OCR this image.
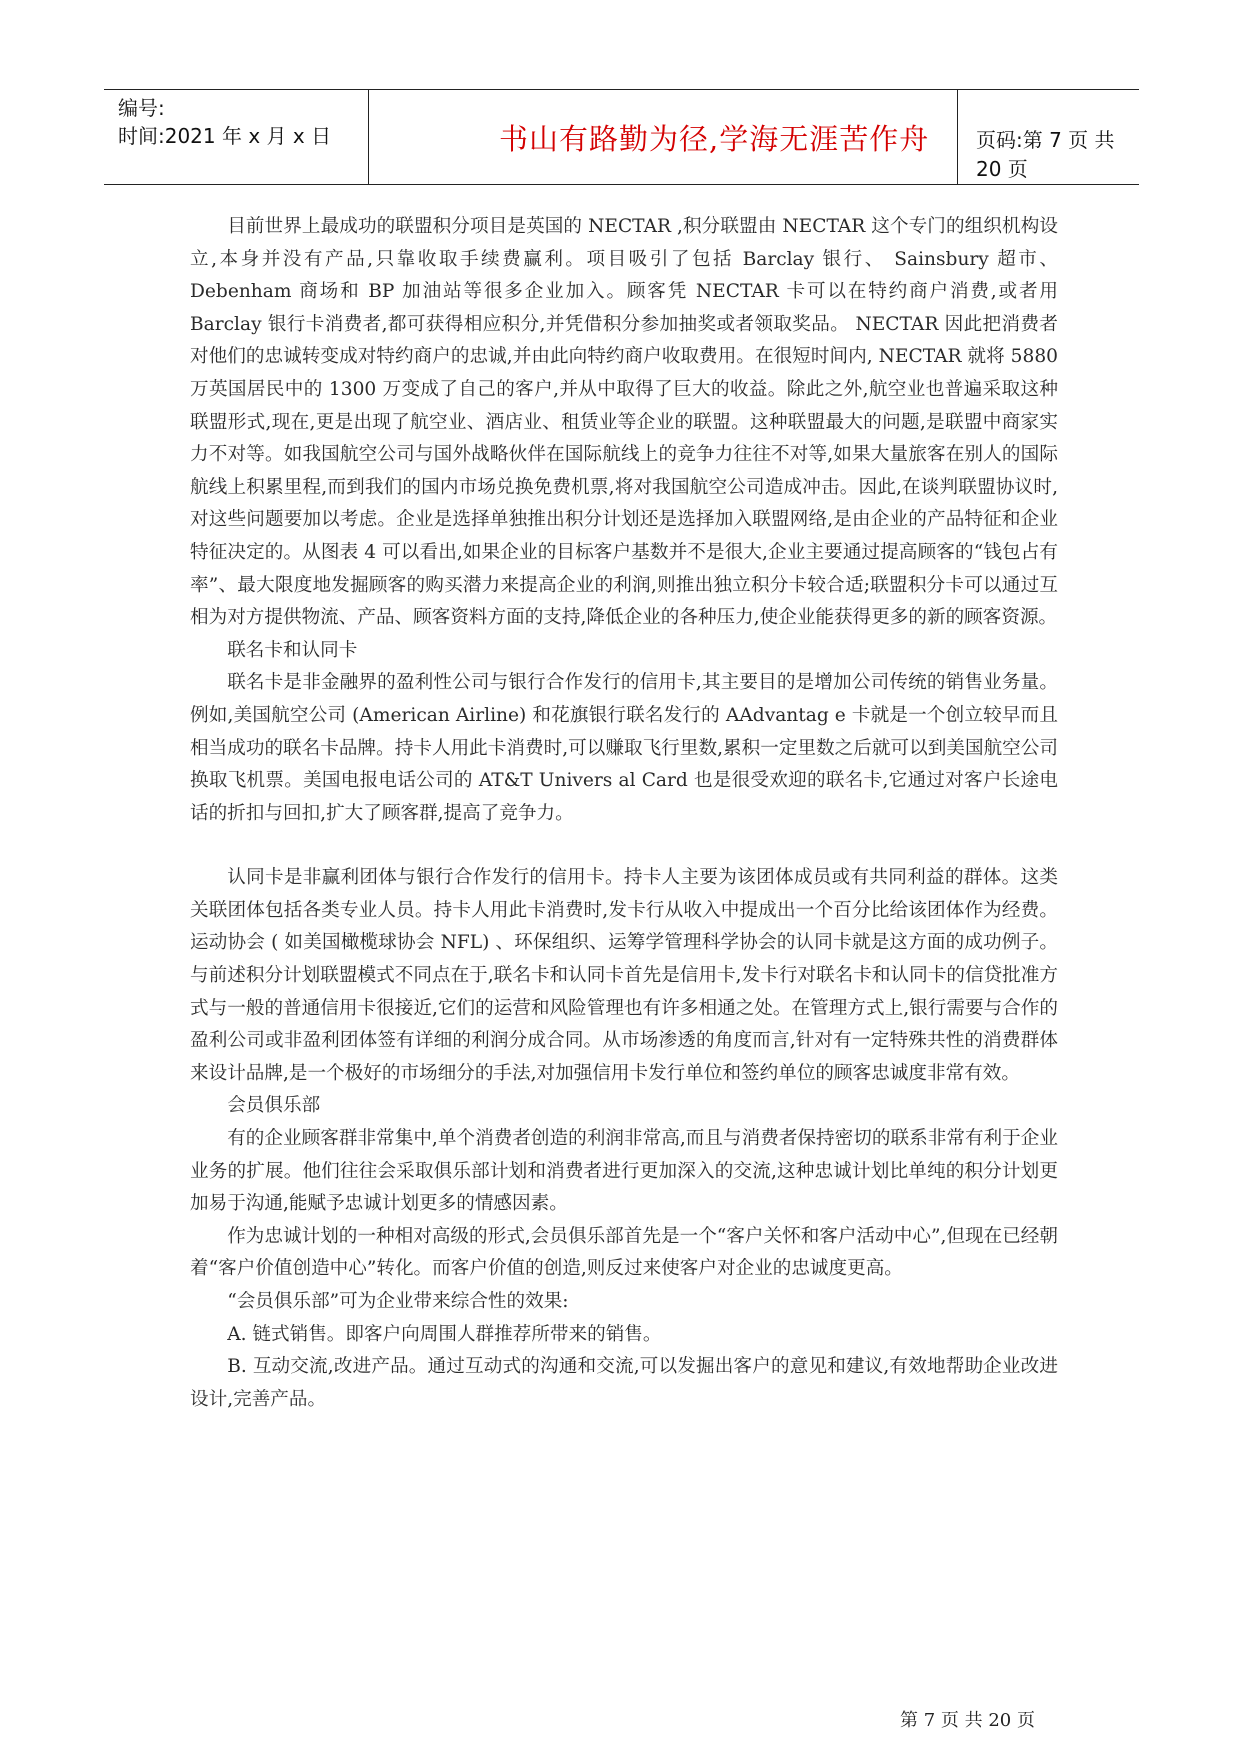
编号:
时间:2021 年 x 月 x 日	书山有路勤为径,学海无涯苦作舟 页码:第 7 页 共 20 页

目前世界上最成功的联盟积分项目是英国的 NECTAR ,积分联盟由 NECTAR 这个专门的组织机构设立,本身并没有产品,只靠收取手续费赢利。项目吸引了包括 Barclay 银行、 Sainsbury 超市、 Debenham 商场和 BP 加油站等很多企业加入。顾客凭 NECTAR 卡可以在特约商户消费,或者用 Barclay 银行卡消费者,都可获得相应积分,并凭借积分参加抽奖或者领取奖品。 NECTAR 因此把消费者对他们的忠诚转变成对特约商户的忠诚,并由此向特约商户收取费用。在很短时间内, NECTAR 就将 5880 万英国居民中的 1300 万变成了自己的客户,并从中取得了巨大的收益。除此之外,航空业也普遍采取这种联盟形式,现在,更是出现了航空业、酒店业、租赁业等企业的联盟。这种联盟最大的问题,是联盟中商家实力不对等。如我国航空公司与国外战略伙伴在国际航线上的竞争力往往不对等,如果大量旅客在别人的国际航线上积累里程,而到我们的国内市场兑换免费机票,将对我国航空公司造成冲击。因此,在谈判联盟协议时,对这些问题要加以考虑。企业是选择单独推出积分计划还是选择加入联盟网络,是由企业的产品特征和企业特征决定的。从图表 4 可以看出,如果企业的目标客户基数并不是很大,企业主要通过提高顾客的“钱包占有率”、最大限度地发掘顾客的购买潜力来提高企业的利润,则推出独立积分卡较合适;联盟积分卡可以通过互相为对方提供物流、产品、顾客资料方面的支持,降低企业的各种压力,使企业能获得更多的新的顾客资源。

联名卡和认同卡

联名卡是非金融界的盈利性公司与银行合作发行的信用卡,其主要目的是增加公司传统的销售业务量。例如,美国航空公司 (American Airline) 和花旗银行联名发行的 AAdvantag e 卡就是一个创立较早而且相当成功的联名卡品牌。持卡人用此卡消费时,可以赚取飞行里数,累积一定里数之后就可以到美国航空公司换取飞机票。美国电报电话公司的 AT&T Univers al Card 也是很受欢迎的联名卡,它通过对客户长途电话的折扣与回扣,扩大了顾客群,提高了竞争力。

认同卡是非赢利团体与银行合作发行的信用卡。持卡人主要为该团体成员或有共同利益的群体。这类关联团体包括各类专业人员。持卡人用此卡消费时,发卡行从收入中提成出一个百分比给该团体作为经费。运动协会 ( 如美国橄榄球协会 NFL) 、环保组织、运筹学管理科学协会的认同卡就是这方面的成功例子。与前述积分计划联盟模式不同点在于,联名卡和认同卡首先是信用卡,发卡行对联名卡和认同卡的信贷批准方式与一般的普通信用卡很接近,它们的运营和风险管理也有许多相通之处。在管理方式上,银行需要与合作的盈利公司或非盈利团体签有详细的利润分成合同。从市场渗透的角度而言,针对有一定特殊共性的消费群体来设计品牌,是一个极好的市场细分的手法,对加强信用卡发行单位和签约单位的顾客忠诚度非常有效。

会员俱乐部

有的企业顾客群非常集中,单个消费者创造的利润非常高,而且与消费者保持密切的联系非常有利于企业业务的扩展。他们往往会采取俱乐部计划和消费者进行更加深入的交流,这种忠诚计划比单纯的积分计划更加易于沟通,能赋予忠诚计划更多的情感因素。

作为忠诚计划的一种相对高级的形式,会员俱乐部首先是一个“客户关怀和客户活动中心”,但现在已经朝着“客户价值创造中心”转化。而客户价值的创造,则反过来使客户对企业的忠诚度更高。

“会员俱乐部”可为企业带来综合性的效果:

A. 链式销售。即客户向周围人群推荐所带来的销售。

B. 互动交流,改进产品。通过互动式的沟通和交流,可以发掘出客户的意见和建议,有效地帮助企业改进设计,完善产品。

第 7 页 共 20 页
